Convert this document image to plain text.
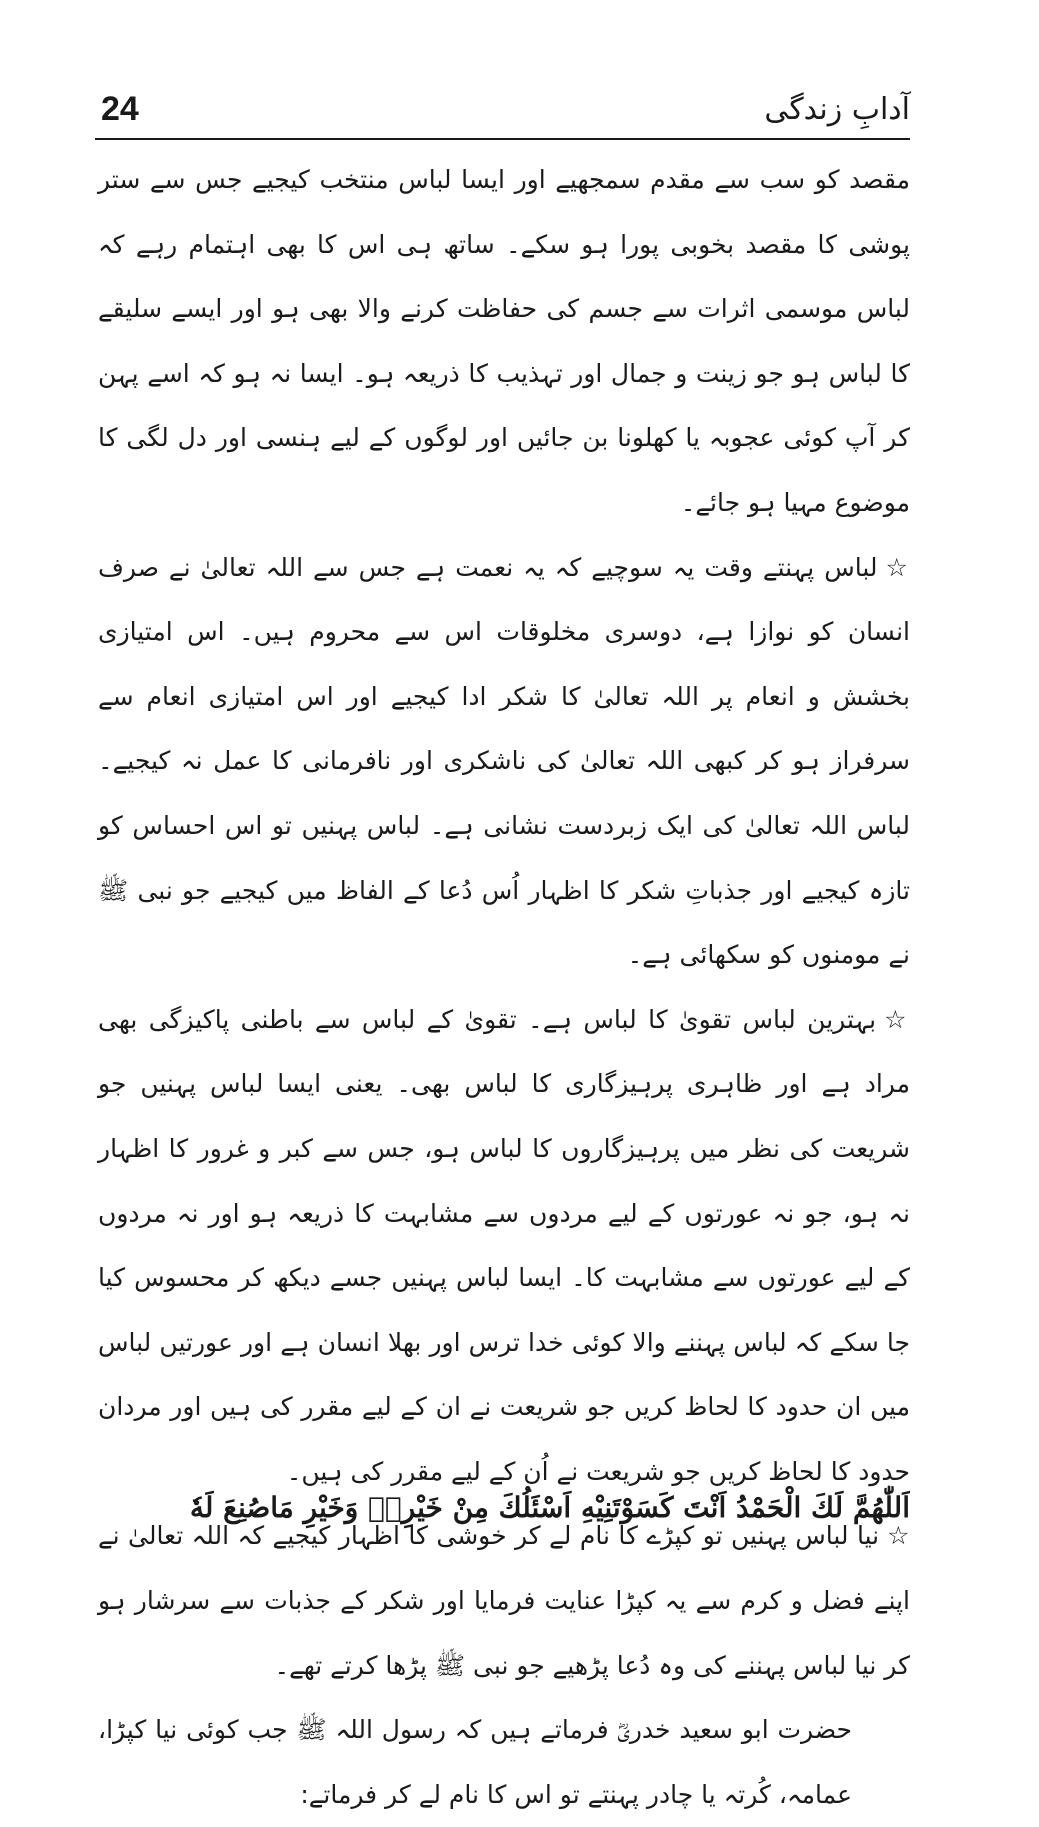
24	آدابِ زندگی

مقصد کو سب سے مقدم سمجھیے اور ایسا لباس منتخب کیجیے جس سے ستر پوشی کا مقصد بخوبی پورا ہو سکے۔ ساتھ ہی اس کا بھی اہتمام رہے کہ لباس موسمی اثرات سے جسم کی حفاظت کرنے والا بھی ہو اور ایسے سلیقے کا لباس ہو جو زینت و جمال اور تہذیب کا ذریعہ ہو۔ ایسا نہ ہو کہ اسے پہن کر آپ کوئی عجوبہ یا کھلونا بن جائیں اور لوگوں کے لیے ہنسی اور دل لگی کا موضوع مہیا ہو جائے۔

☆لباس پہنتے وقت یہ سوچیے کہ یہ نعمت ہے جس سے اللہ تعالیٰ نے صرف انسان کو نوازا ہے، دوسری مخلوقات اس سے محروم ہیں۔ اس امتیازی بخشش و انعام پر اللہ تعالیٰ کا شکر ادا کیجیے اور اس امتیازی انعام سے سرفراز ہو کر کبھی اللہ تعالیٰ کی ناشکری اور نافرمانی کا عمل نہ کیجیے۔ لباس اللہ تعالیٰ کی ایک زبردست نشانی ہے۔ لباس پہنیں تو اس احساس کو تازہ کیجیے اور جذباتِ شکر کا اظہار اُس دُعا کے الفاظ میں کیجیے جو نبی ﷺ نے مومنوں کو سکھائی ہے۔

☆بہترین لباس تقویٰ کا لباس ہے۔ تقویٰ کے لباس سے باطنی پاکیزگی بھی مراد ہے اور ظاہری پرہیزگاری کا لباس بھی۔ یعنی ایسا لباس پہنیں جو شریعت کی نظر میں پرہیزگاروں کا لباس ہو، جس سے کبر و غرور کا اظہار نہ ہو، جو نہ عورتوں کے لیے مردوں سے مشابہت کا ذریعہ ہو اور نہ مردوں کے لیے عورتوں سے مشابہت کا۔ ایسا لباس پہنیں جسے دیکھ کر محسوس کیا جا سکے کہ لباس پہننے والا کوئی خدا ترس اور بھلا انسان ہے اور عورتیں لباس میں ان حدود کا لحاظ کریں جو شریعت نے ان کے لیے مقرر کی ہیں اور مردان حدود کا لحاظ کریں جو شریعت نے اُن کے لیے مقرر کی ہیں۔

☆نیا لباس پہنیں تو کپڑے کا نام لے کر خوشی کا اظہار کیجیے کہ اللہ تعالیٰ نے اپنے فضل و کرم سے یہ کپڑا عنایت فرمایا اور شکر کے جذبات سے سرشار ہو کر نیا لباس پہننے کی وہ دُعا پڑھیے جو نبی ﷺ پڑھا کرتے تھے۔

حضرت ابو سعید خدریؓ فرماتے ہیں کہ رسول اللہ ﷺ جب کوئی نیا کپڑا، عمامہ، کُرتہ یا چادر پہنتے تو اس کا نام لے کر فرماتے:

اَللّٰهُمَّ لَكَ الْحَمْدُ اَنْتَ كَسَوْتَنِيْهِ اَسْئَلُكَ مِنْ خَيْرِهٖ وَخَيْرِ مَاصُنِعَ لَهٗ
